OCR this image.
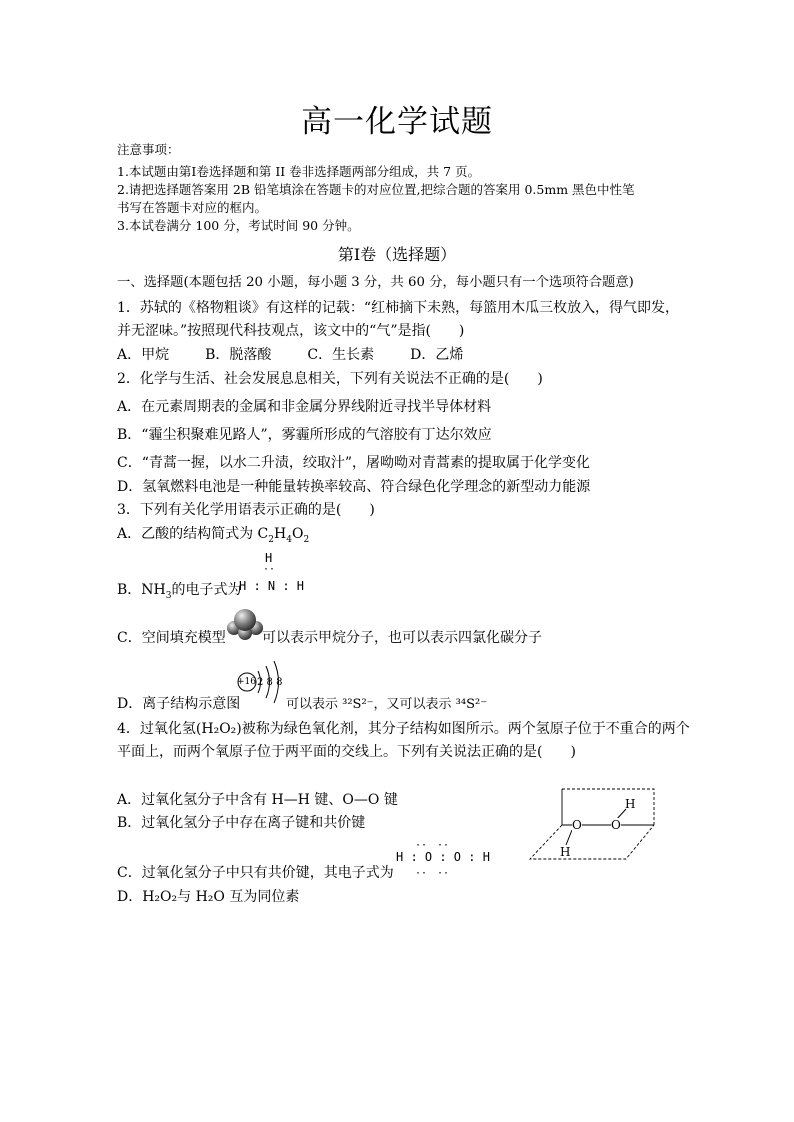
高一化学试题
注意事项：
1.本试题由第Ⅰ卷选择题和第 II 卷非选择题两部分组成，共 7 页。
2.请把选择题答案用 2B 铅笔填涂在答题卡的对应位置,把综合题的答案用 0.5mm 黑色中性笔
书写在答题卡对应的框内。
3.本试卷满分 100 分，考试时间 90 分钟。
第Ⅰ卷（选择题）
一、选择题(本题包括 20 小题，每小题 3 分，共 60 分，每小题只有一个选项符合题意)
1．苏轼的《格物粗谈》有这样的记载：“红柿摘下未熟，每篮用木瓜三枚放入，得气即发，
并无涩味。”按照现代科技观点，该文中的“气”是指(　　)
A．甲烷	B．脱落酸	C．生长素	D．乙烯
2．化学与生活、社会发展息息相关，下列有关说法不正确的是(　　)
A．在元素周期表的金属和非金属分界线附近寻找半导体材料
B．“霾尘积聚难见路人”，雾霾所形成的气溶胶有丁达尔效应
C．“青蒿一握，以水二升渍，绞取汁”，屠呦呦对青蒿素的提取属于化学变化
D．氢氧燃料电池是一种能量转换率较高、符合绿色化学理念的新型动力能源
3．下列有关化学用语表示正确的是(　　)
A．乙酸的结构简式为 $C_2H_4O_2$
B．$NH_3$的电子式为
H
··
H : N : H
C．空间填充模型	可以表示甲烷分子，也可以表示四氯化碳分子
D．离子结构示意图
+16 2 8 8
可以表示 ³²S²⁻，又可以表示 ³⁴S²⁻
4．过氧化氢(H₂O₂)被称为绿色氧化剂，其分子结构如图所示。两个氢原子位于不重合的两个
平面上，而两个氧原子位于两平面的交线上。下列有关说法正确的是(　　)
A．过氧化氢分子中含有 H—H 键、O—O 键
B．过氧化氢分子中存在离子键和共价键	O O
H
H
C．过氧化氢分子中只有共价键，其电子式为
··　··
H : O : O : H
··　··
D．H₂O₂与 H₂O 互为同位素
